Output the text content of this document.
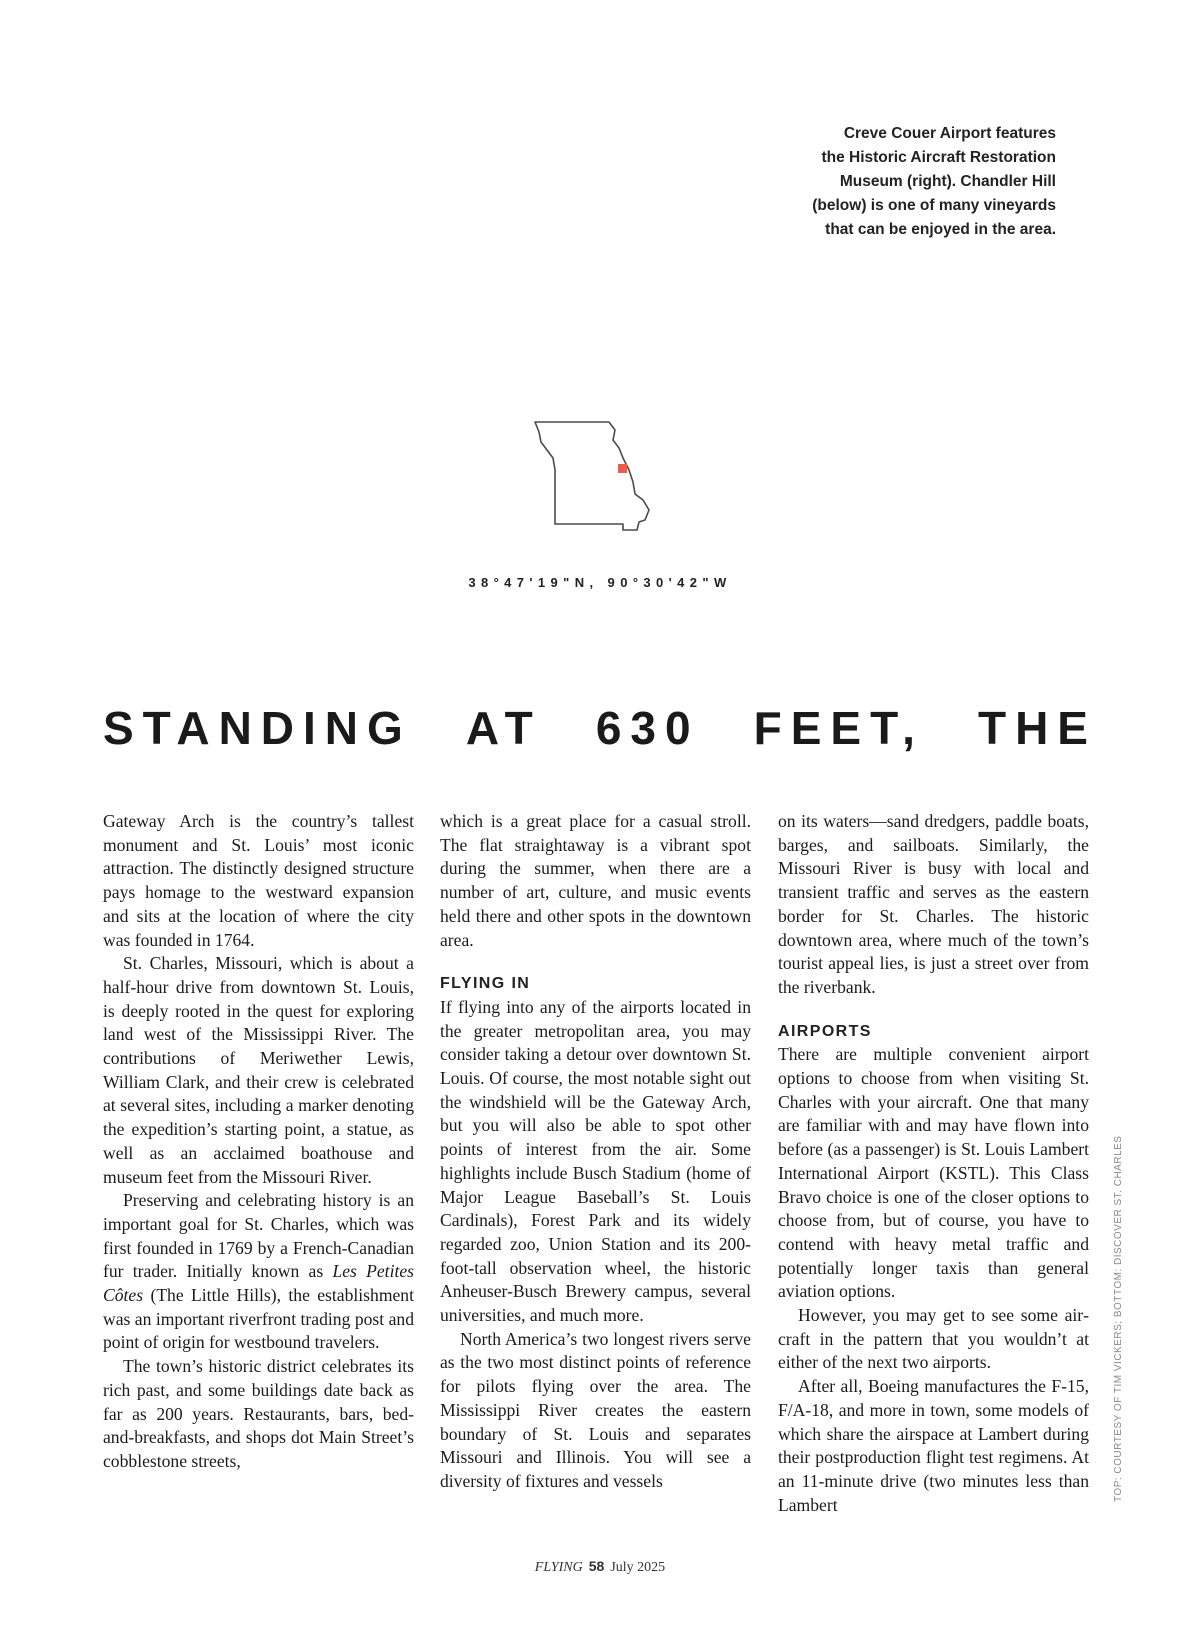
Creve Couer Airport features
the Historic Aircraft Restoration
Museum (right). Chandler Hill
(below) is one of many vineyards
that can be enjoyed in the area.
38°47'19"N, 90°30'42"W
STANDING AT 630 FEET, THE

Gateway Arch is the country’s tallest monument and St. Louis’ most iconic attraction. The distinctly designed structure pays homage to the westward expansion and sits at the location of where the city was founded in 1764.

St. Charles, Missouri, which is about a half-hour drive from downtown St. Louis, is deeply rooted in the quest for exploring land west of the Mississippi River. The contributions of Meriwether Lewis, William Clark, and their crew is celebrated at several sites, including a marker denoting the expedition’s starting point, a statue, as well as an acclaimed boathouse and museum feet from the Missouri River.

Preserving and celebrating history is an important goal for St. Charles, which was first founded in 1769 by a French-Canadian fur trader. Initially known as Les Petites Côtes (The Little Hills), the establishment was an important riverfront trading post and point of origin for westbound travelers.

The town’s historic district celebrates its rich past, and some buildings date back as far as 200 years. Restaurants, bars, bed-and-breakfasts, and shops dot Main Street’s cobblestone streets,

which is a great place for a casual stroll. The flat straightaway is a vibrant spot during the summer, when there are a number of art, culture, and music events held there and other spots in the downtown area.

FLYING IN

If flying into any of the airports located in the greater metropolitan area, you may consider taking a detour over downtown St. Louis. Of course, the most notable sight out the windshield will be the Gateway Arch, but you will also be able to spot other points of interest from the air. Some highlights include Busch Stadium (home of Major League Baseball’s St. Louis Cardinals), Forest Park and its widely regarded zoo, Union Station and its 200-foot-tall observation wheel, the historic Anheuser-Busch Brewery campus, several universities, and much more.

North America’s two longest rivers serve as the two most distinct points of reference for pilots flying over the area. The Mississippi River creates the eastern boundary of St. Louis and separates Missouri and Illinois. You will see a diversity of fixtures and vessels

on its waters—sand dredgers, paddle boats, barges, and sailboats. Similarly, the Missouri River is busy with local and transient traffic and serves as the eastern border for St. Charles. The historic downtown area, where much of the town’s tourist appeal lies, is just a street over from the riverbank.

AIRPORTS

There are multiple convenient airport options to choose from when visiting St. Charles with your aircraft. One that many are familiar with and may have flown into before (as a passenger) is St. Louis Lambert International Airport (KSTL). This Class Bravo choice is one of the closer options to choose from, but of course, you have to contend with heavy metal traffic and potentially longer taxis than general aviation options.

However, you may get to see some aircraft in the pattern that you wouldn’t at either of the next two airports.

After all, Boeing manufactures the F-15, F/A-18, and more in town, some models of which share the airspace at Lambert during their postproduction flight test regimens. At an 11-minute drive (two minutes less than Lambert

TOP: COURTESY OF TIM VICKERS; BOTTOM: DISCOVER ST. CHARLES
FLYING 58 July 2025
